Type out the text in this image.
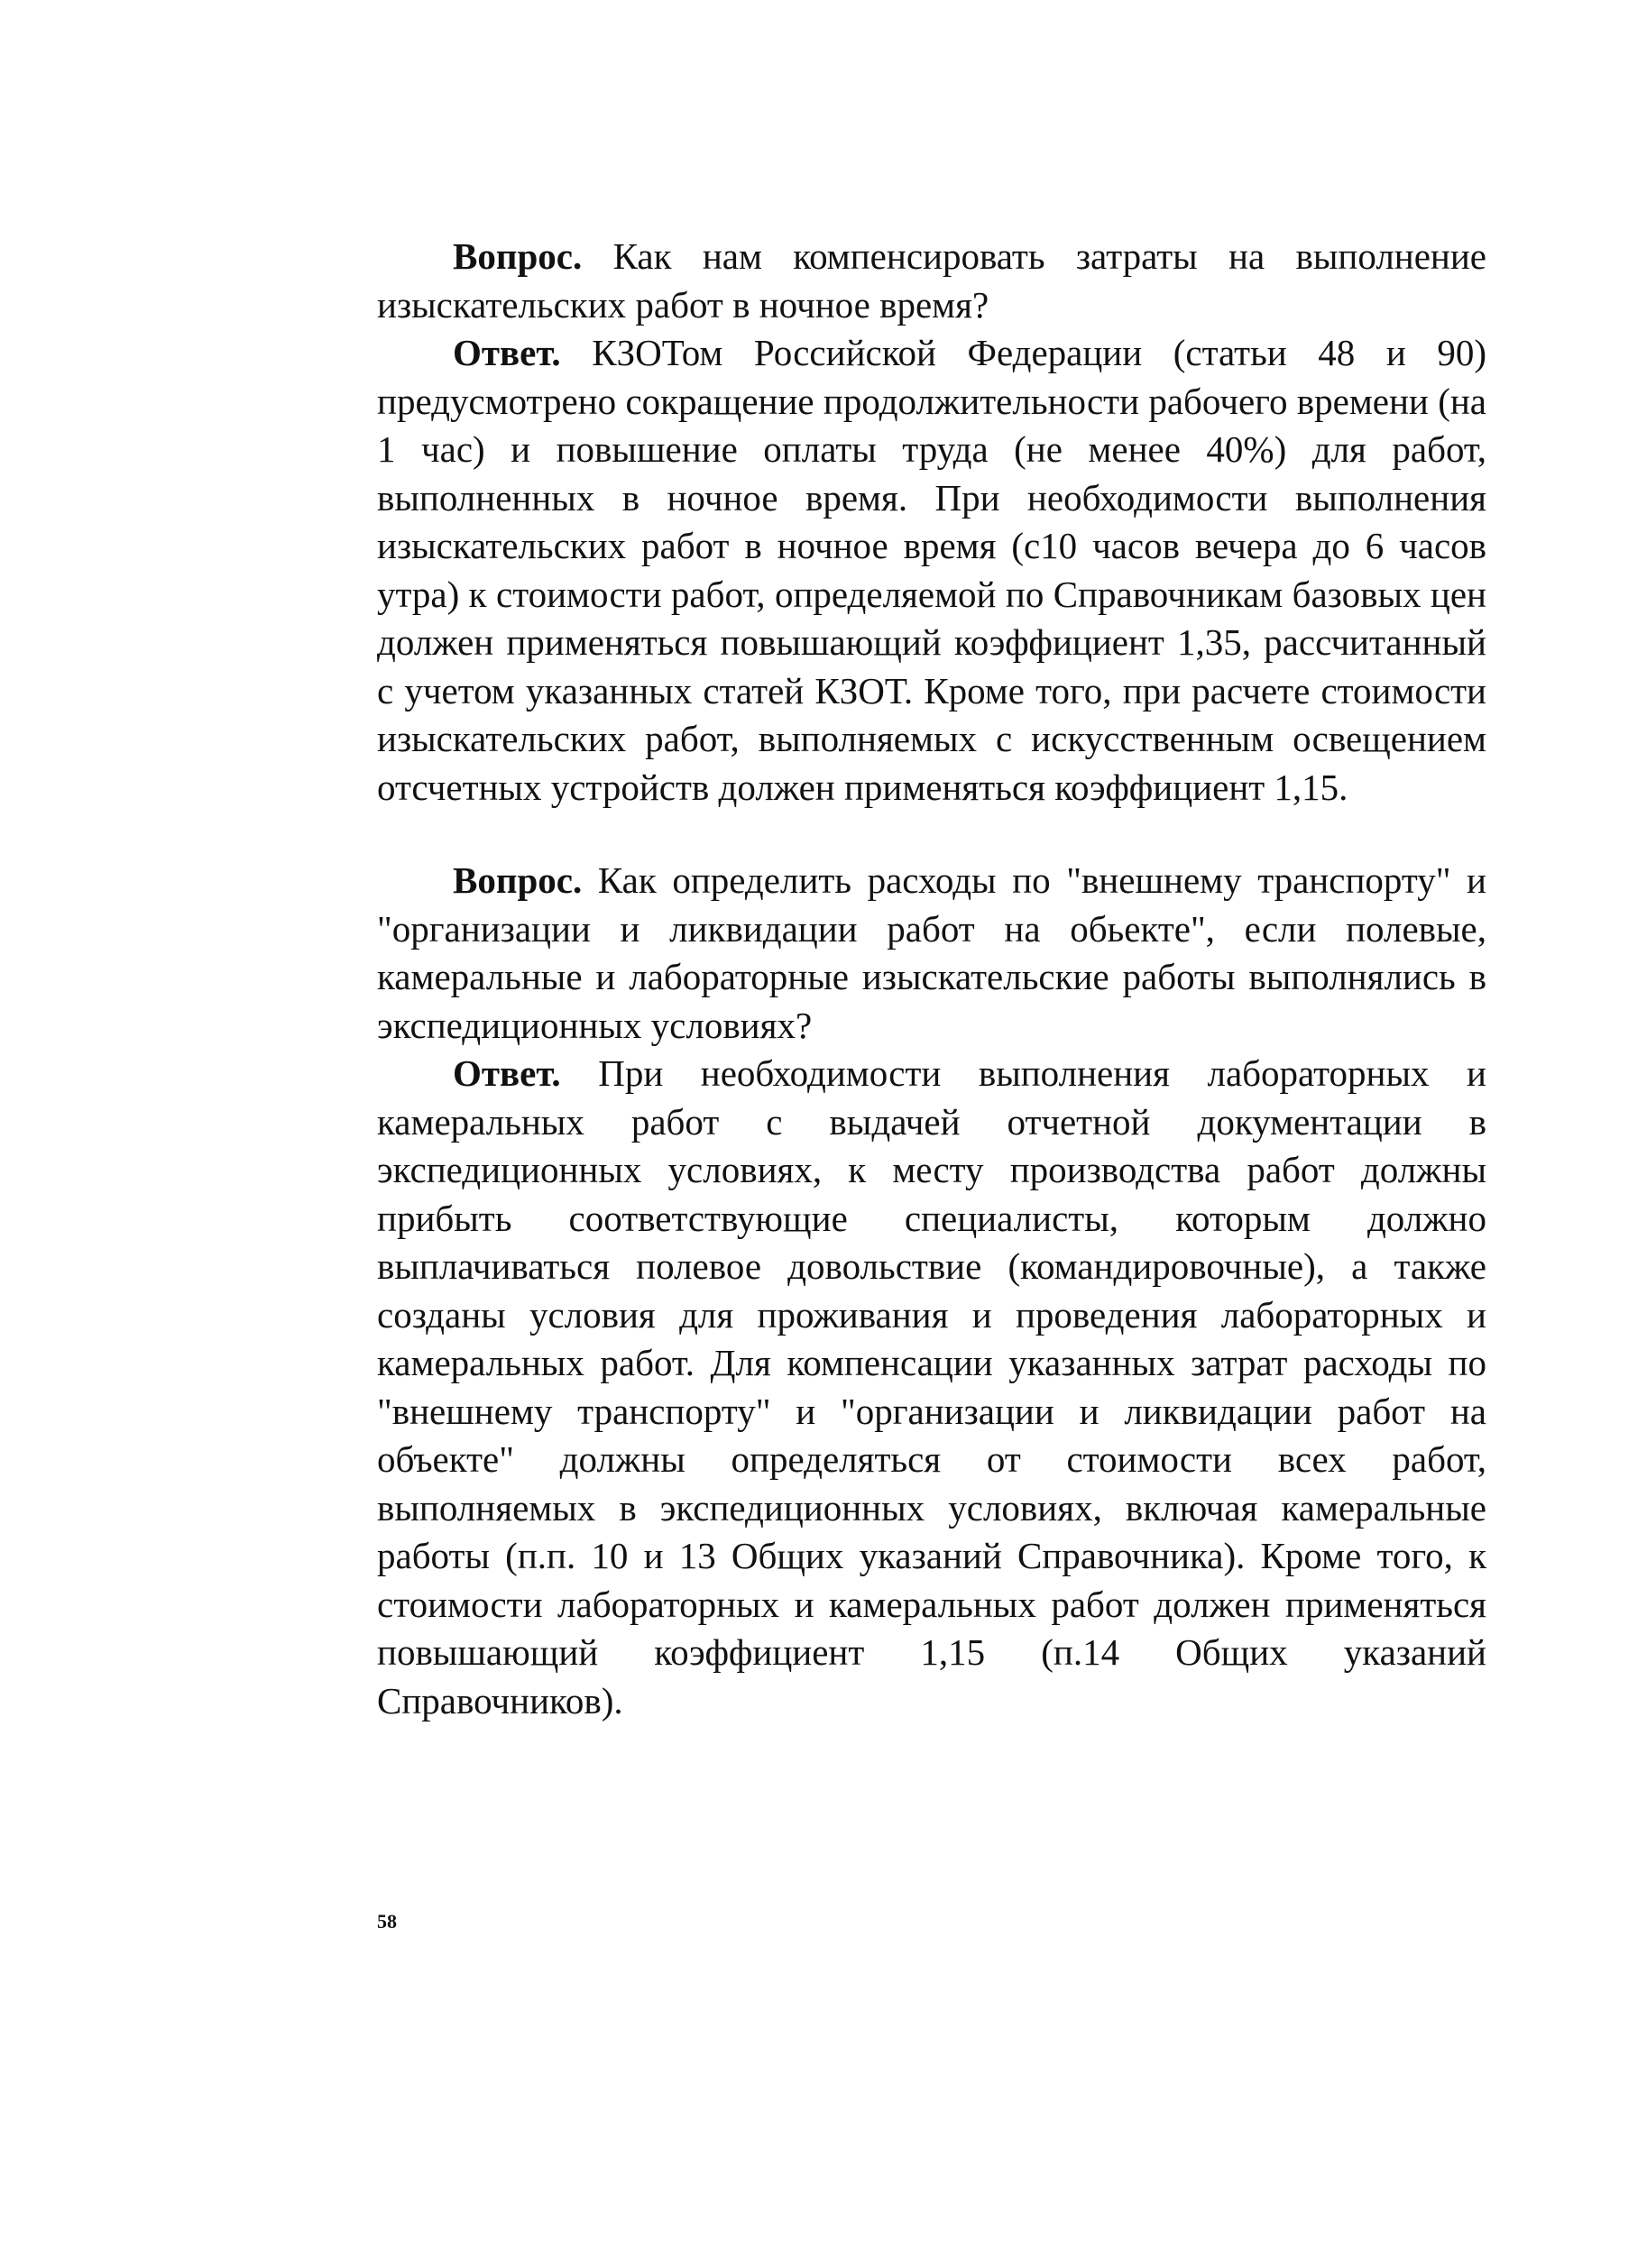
Вопрос. Как нам компенсировать затраты на выполнение изыскательских работ в ночное время?

Ответ. КЗОТом Российской Федерации (статьи 48 и 90) предусмотрено сокращение продолжительности рабочего времени (на 1 час) и повышение оплаты труда (не менее 40%) для работ, выполненных в ночное время. При необходимости выполнения изыскательских работ в ночное время (с10 часов вечера до 6 часов утра) к стоимости работ, определяемой по Справочникам базовых цен должен применяться повышающий коэффициент 1,35, рассчитанный с учетом указанных статей КЗОТ. Кроме того, при расчете стоимости изыскательских работ, выполняемых с искусственным освещением отсчетных устройств должен применяться коэффициент 1,15.

Вопрос. Как определить расходы по "внешнему транспорту" и "организации и ликвидации работ на обьекте", если полевые, камеральные и лабораторные изыскательские работы выполнялись в экспедиционных условиях?

Ответ. При необходимости выполнения лабораторных и камеральных работ с выдачей отчетной документации в экспедиционных условиях, к месту производства работ должны прибыть соответствующие специалисты, которым должно выплачиваться полевое довольствие (командировочные), а также созданы условия для проживания и проведения лабораторных и камеральных работ. Для компенсации указанных затрат расходы по "внешнему транспорту" и "организации и ликвидации работ на объекте" должны определяться от стоимости всех работ, выполняемых в экспедиционных условиях, включая камеральные работы (п.п. 10 и 13 Общих указаний Справочника). Кроме того, к стоимости лабораторных и камеральных работ должен применяться повышающий коэффициент 1,15 (п.14 Общих указаний Справочников).

58
